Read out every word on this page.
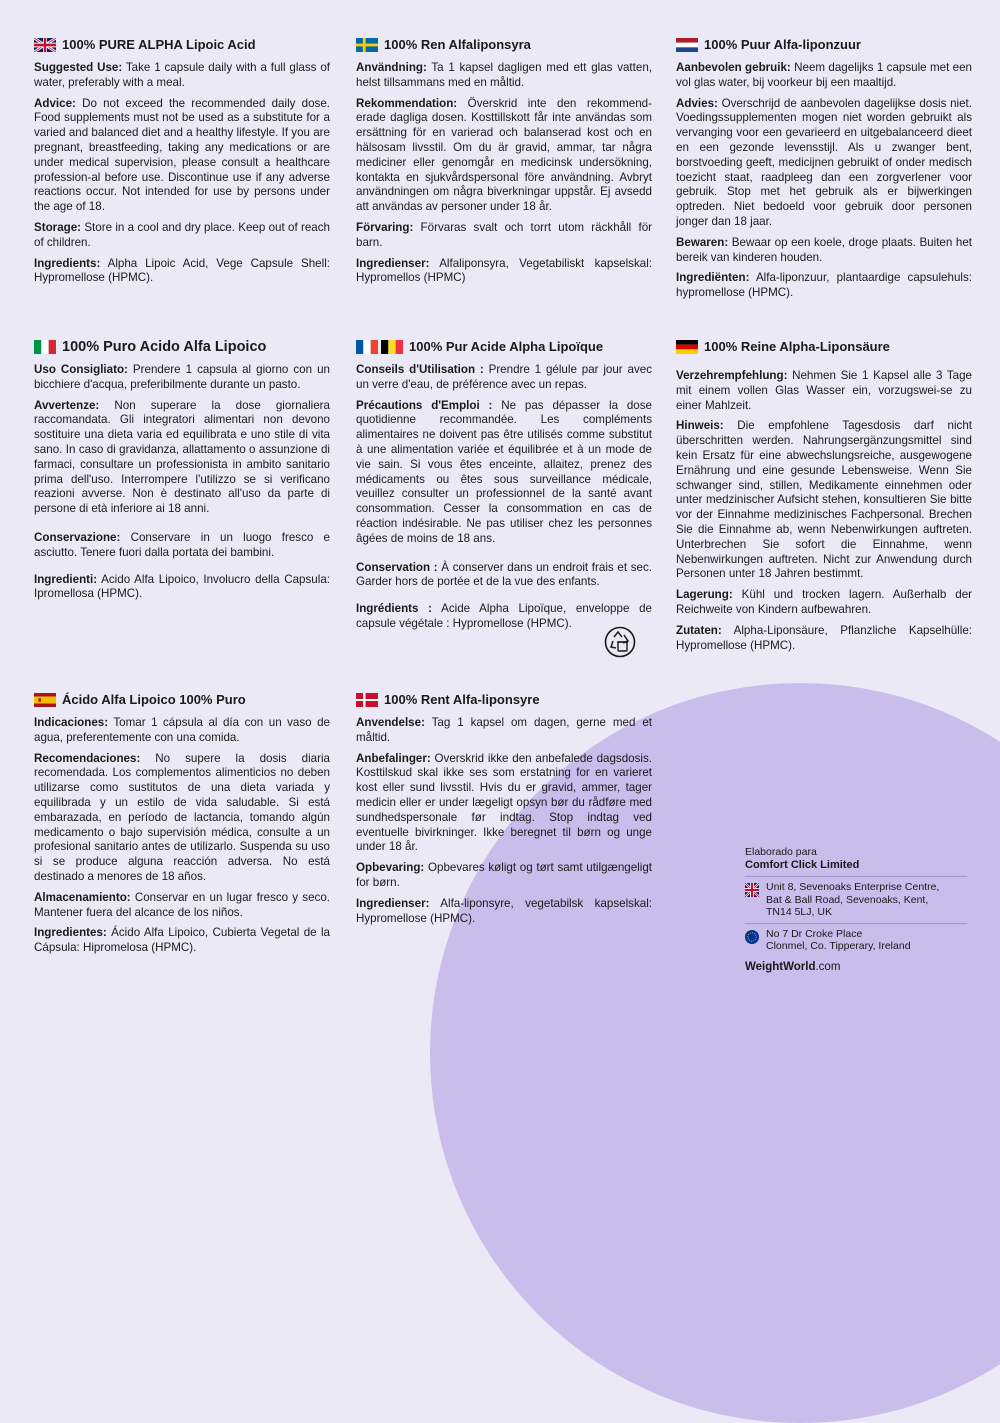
100% PURE ALPHA Lipoic Acid

Suggested Use: Take 1 capsule daily with a full glass of water, preferably with a meal.

Advice: Do not exceed the recommended daily dose. Food supplements must not be used as a substitute for a varied and balanced diet and a healthy lifestyle. If you are pregnant, breastfeeding, taking any medications or are under medical supervision, please consult a healthcare profession-al before use. Discontinue use if any adverse reactions occur. Not intended for use by persons under the age of 18.

Storage: Store in a cool and dry place. Keep out of reach of children.

Ingredients: Alpha Lipoic Acid, Vege Capsule Shell: Hypromellose (HPMC).

100% Ren Alfaliponsyra

Användning: Ta 1 kapsel dagligen med ett glas vatten, helst tillsammans med en måltid.

Rekommendation: Överskrid inte den rekommend-erade dagliga dosen. Kosttillskott får inte användas som ersättning för en varierad och balanserad kost och en hälsosam livsstil. Om du är gravid, ammar, tar några mediciner eller genomgår en medicinsk undersökning, kontakta en sjukvårdspersonal före användning. Avbryt användningen om några biverkningar uppstår. Ej avsedd att användas av personer under 18 år.

Förvaring: Förvaras svalt och torrt utom räckhåll för barn.

Ingredienser: Alfaliponsyra, Vegetabiliskt kapselskal: Hypromellos (HPMC)

100% Puur Alfa-liponzuur

Aanbevolen gebruik: Neem dagelijks 1 capsule met een vol glas water, bij voorkeur bij een maaltijd.

Advies: Overschrijd de aanbevolen dagelijkse dosis niet. Voedingssupplementen mogen niet worden gebruikt als vervanging voor een gevarieerd en uitgebalanceerd dieet en een gezonde levensstijl. Als u zwanger bent, borstvoeding geeft, medicijnen gebruikt of onder medisch toezicht staat, raadpleeg dan een zorgverlener voor gebruik. Stop met het gebruik als er bijwerkingen optreden. Niet bedoeld voor gebruik door personen jonger dan 18 jaar.

Bewaren: Bewaar op een koele, droge plaats. Buiten het bereik van kinderen houden.

Ingrediënten: Alfa-liponzuur, plantaardige capsulehuls: hypromellose (HPMC).

100% Puro Acido Alfa Lipoico

Uso Consigliato: Prendere 1 capsula al giorno con un bicchiere d'acqua, preferibilmente durante un pasto.

Avvertenze: Non superare la dose giornaliera raccomandata. Gli integratori alimentari non devono sostituire una dieta varia ed equilibrata e uno stile di vita sano. In caso di gravidanza, allattamento o assunzione di farmaci, consultare un professionista in ambito sanitario prima dell'uso. Interrompere l'utilizzo se si verificano reazioni avverse. Non è destinato all'uso da parte di persone di età inferiore ai 18 anni.

Conservazione: Conservare in un luogo fresco e asciutto. Tenere fuori dalla portata dei bambini.

Ingredienti: Acido Alfa Lipoico, Involucro della Capsula: Ipromellosa (HPMC).

100% Pur Acide Alpha Lipoïque

Conseils d'Utilisation : Prendre 1 gélule par jour avec un verre d'eau, de préférence avec un repas.

Précautions d'Emploi : Ne pas dépasser la dose quotidienne recommandée. Les compléments alimentaires ne doivent pas être utilisés comme substitut à une alimentation variée et équilibrée et à un mode de vie sain. Si vous êtes enceinte, allaitez, prenez des médicaments ou êtes sous surveillance médicale, veuillez consulter un professionnel de la santé avant consommation. Cesser la consommation en cas de réaction indésirable. Ne pas utiliser chez les personnes âgées de moins de 18 ans.

Conservation : À conserver dans un endroit frais et sec. Garder hors de portée et de la vue des enfants.

Ingrédients : Acide Alpha Lipoïque, enveloppe de capsule végétale : Hypromellose (HPMC).

100% Reine Alpha-Liponsäure

Verzehrempfehlung: Nehmen Sie 1 Kapsel alle 3 Tage mit einem vollen Glas Wasser ein, vorzugswei-se zu einer Mahlzeit.

Hinweis: Die empfohlene Tagesdosis darf nicht überschritten werden. Nahrungsergänzungsmittel sind kein Ersatz für eine abwechslungsreiche, ausgewogene Ernährung und eine gesunde Lebensweise. Wenn Sie schwanger sind, stillen, Medikamente einnehmen oder unter medzinischer Aufsicht stehen, konsultieren Sie bitte vor der Einnahme medizinisches Fachpersonal. Brechen Sie die Einnahme ab, wenn Nebenwirkungen auftreten. Unterbrechen Sie sofort die Einnahme, wenn Nebenwirkungen auftreten. Nicht zur Anwendung durch Personen unter 18 Jahren bestimmt.

Lagerung: Kühl und trocken lagern. Außerhalb der Reichweite von Kindern aufbewahren.

Zutaten: Alpha-Liponsäure, Pflanzliche Kapselhülle: Hypromellose (HPMC).

Ácido Alfa Lipoico 100% Puro

Indicaciones: Tomar 1 cápsula al día con un vaso de agua, preferentemente con una comida.

Recomendaciones: No supere la dosis diaria recomendada. Los complementos alimenticios no deben utilizarse como sustitutos de una dieta variada y equilibrada y un estilo de vida saludable. Si está embarazada, en período de lactancia, tomando algún medicamento o bajo supervisión médica, consulte a un profesional sanitario antes de utilizarlo. Suspenda su uso si se produce alguna reacción adversa. No está destinado a menores de 18 años.

Almacenamiento: Conservar en un lugar fresco y seco. Mantener fuera del alcance de los niños.

Ingredientes: Ácido Alfa Lipoico, Cubierta Vegetal de la Cápsula: Hipromelosa (HPMC).

100% Rent Alfa-liponsyre

Anvendelse: Tag 1 kapsel om dagen, gerne med et måltid.

Anbefalinger: Overskrid ikke den anbefalede dagsdosis. Kosttilskud skal ikke ses som erstatning for en varieret kost eller sund livsstil. Hvis du er gravid, ammer, tager medicin eller er under lægeligt opsyn bør du rådføre med sundhedspersonale før indtag. Stop indtag ved eventuelle bivirkninger. Ikke beregnet til børn og unge under 18 år.

Opbevaring: Opbevares køligt og tørt samt utilgængeligt for børn.

Ingredienser: Alfa-liponsyre, vegetabilsk kapselskal: Hypromellose (HPMC).

Elaborado para

Comfort Click Limited

Unit 8, Sevenoaks Enterprise Centre,
Bat & Ball Road, Sevenoaks, Kent,
TN14 5LJ, UK
No 7 Dr Croke Place
Clonmel, Co. Tipperary, Ireland
WeightWorld.com
